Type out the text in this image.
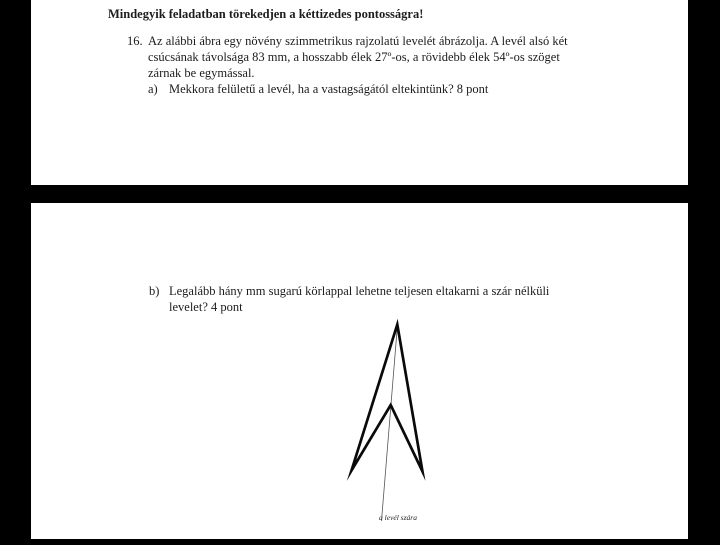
Mindegyik feladatban törekedjen a kéttizedes pontosságra!
16. Az alábbi ábra egy növény szimmetrikus rajzolatú levelét ábrázolja. A levél alsó két
csúcsának távolsága 83 mm, a hosszabb élek 27º-os, a rövidebb élek 54º-os szöget
zárnak be egymással.
a) Mekkora felületű a levél, ha a vastagságától eltekintünk? 8 pont
b) Legalább hány mm sugarú körlappal lehetne teljesen eltakarni a szár nélküli
levelet? 4 pont
a levél szára
